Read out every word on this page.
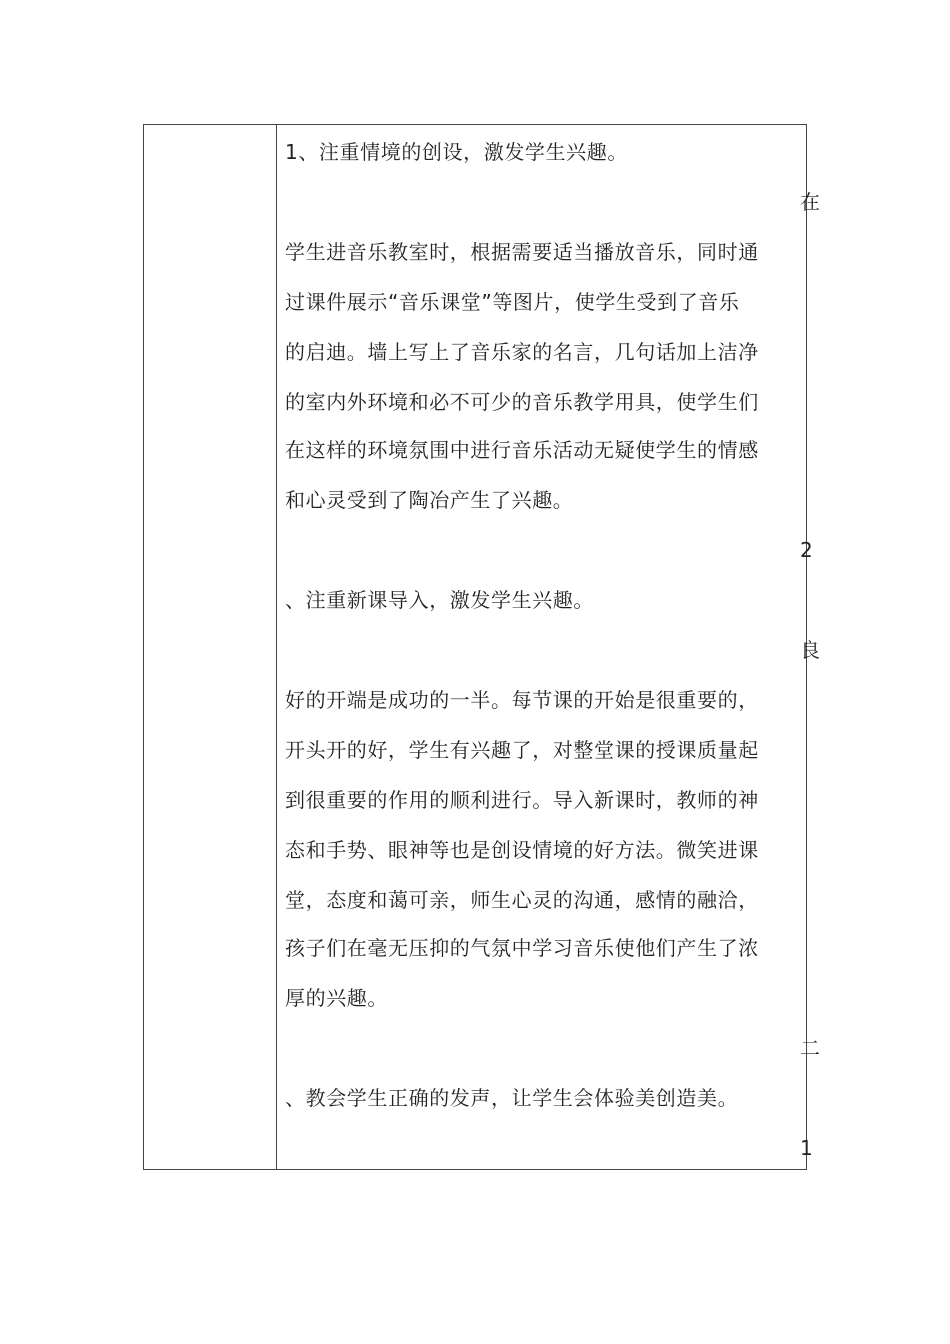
1、注重情境的创设，激发学生兴趣。
在
学生进音乐教室时，根据需要适当播放音乐，同时通
过课件展示“音乐课堂”等图片，使学生受到了音乐
的启迪。墙上写上了音乐家的名言，几句话加上洁净
的室内外环境和必不可少的音乐教学用具，使学生们
在这样的环境氛围中进行音乐活动无疑使学生的情感
和心灵受到了陶冶产生了兴趣。
2
、注重新课导入，激发学生兴趣。
良
好的开端是成功的一半。每节课的开始是很重要的，
开头开的好，学生有兴趣了，对整堂课的授课质量起
到很重要的作用的顺利进行。导入新课时，教师的神
态和手势、眼神等也是创设情境的好方法。微笑进课
堂，态度和蔼可亲，师生心灵的沟通，感情的融洽，
孩子们在毫无压抑的气氛中学习音乐使他们产生了浓
厚的兴趣。
二
、教会学生正确的发声，让学生会体验美创造美。
1
